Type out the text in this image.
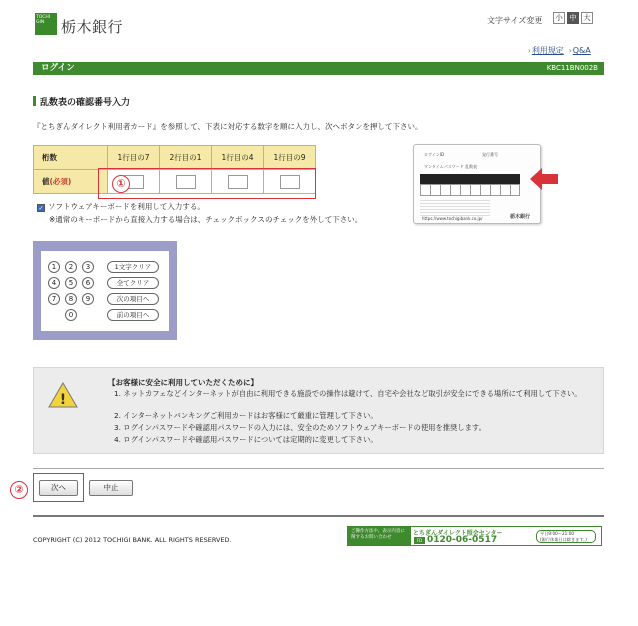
TOCHI GIN	栃木銀行	文字サイズ変更	小 中 大
›利用規定 ›Q&A
ログイン	KBC11BN002B
乱数表の確認番号入力
『とちぎんダイレクト利用者カード』を参照して、下表に対応する数字を順に入力し、次へボタンを押して下さい。
桁数	1行目の7	2行目の1	1行目の4	1行目の9
値(必須)					①
✓ ソフトウェアキーボードを利用して入力する。
※通常のキーボードから直接入力する場合は、チェックボックスのチェックを外して下さい。
ログインID	発行番号
ワンタイムパスワード 乱数表
https://www.tochigibank.co.jp/	栃木銀行
1	2	3
4	5	6
7	8	9
0
1文字クリア
全てクリア
次の項目へ
前の項目へ
!
【お客様に安全に利用していただくために】
1. ネットカフェなどインターネットが自由に利用できる施設での操作は避けて、自宅や会社など取引が安全にできる場所にて利用して下さい。
2. インターネットバンキングご利用カードはお客様にて厳重に管理して下さい。
3. ログインパスワードや確認用パスワードの入力には、安全のためソフトウェアキーボードの使用を推奨します。
4. ログインパスワードや確認用パスワードについては定期的に変更して下さい。
②	次へ	中止
COPYRIGHT (C) 2012 TOCHIGI BANK. ALL RIGHTS RESERVED.
ご操作方法や、表示内容に
関するお問い合わせ
とちぎんダイレクト照会センター
FD 0120-06-0517
平日9:00〜21:00
(銀行休業日は除きます。)
